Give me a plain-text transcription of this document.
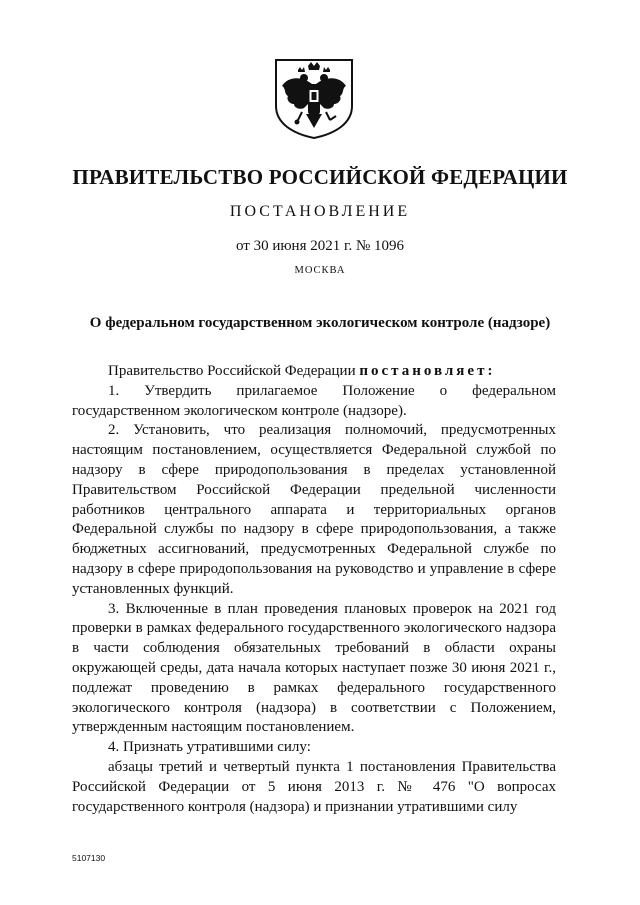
ПРАВИТЕЛЬСТВО РОССИЙСКОЙ ФЕДЕРАЦИИ
ПОСТАНОВЛЕНИЕ
от 30 июня 2021 г. № 1096
МОСКВА
О федеральном государственном экологическом контроле (надзоре)

Правительство Российской Федерации постановляет:

1. Утвердить прилагаемое Положение о федеральном государственном экологическом контроле (надзоре).

2. Установить, что реализация полномочий, предусмотренных настоящим постановлением, осуществляется Федеральной службой по надзору в сфере природопользования в пределах установленной Правительством Российской Федерации предельной численности работников центрального аппарата и территориальных органов Федеральной службы по надзору в сфере природопользования, а также бюджетных ассигнований, предусмотренных Федеральной службе по надзору в сфере природопользования на руководство и управление в сфере установленных функций.

3. Включенные в план проведения плановых проверок на 2021 год проверки в рамках федерального государственного экологического надзора в части соблюдения обязательных требований в области охраны окружающей среды, дата начала которых наступает позже 30 июня 2021 г., подлежат проведению в рамках федерального государственного экологического контроля (надзора) в соответствии с Положением, утвержденным настоящим постановлением.

4. Признать утратившими силу:

абзацы третий и четвертый пункта 1 постановления Правительства Российской Федерации от 5 июня 2013 г. № 476 "О вопросах государственного контроля (надзора) и признании утратившими силу

5107130
